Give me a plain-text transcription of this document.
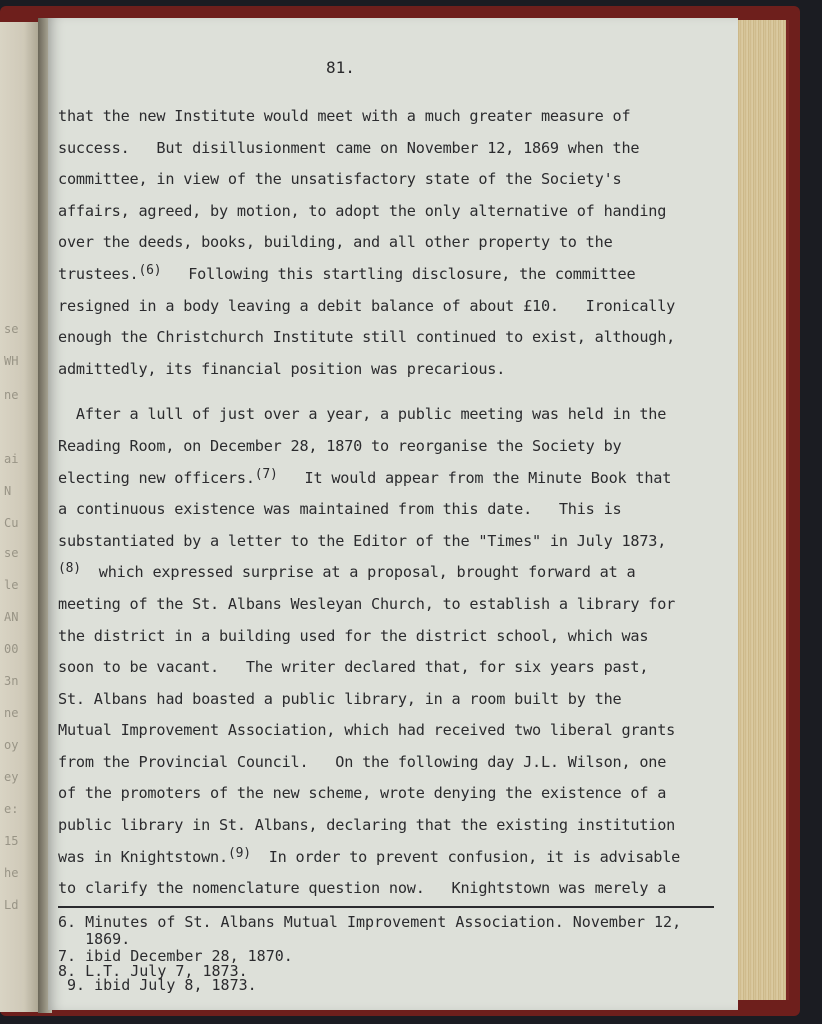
se
WH
ne
ai
N
Cu
se
le
AN
00
3n
ne
oy
ey
e:
15
he
Ld
81.
that the new Institute would meet with a much greater measure of
success.   But disillusionment came on November 12, 1869 when the
committee, in view of the unsatisfactory state of the Society's
affairs, agreed, by motion, to adopt the only alternative of handing
over the deeds, books, building, and all other property to the
trustees.$^{(6)}$ Following this startling disclosure, the committee
resigned in a body leaving a debit balance of about £10.   Ironically
enough the Christchurch Institute still continued to exist, although,
admittedly, its financial position was precarious.
After a lull of just over a year, a public meeting was held in the
Reading Room, on December 28, 1870 to reorganise the Society by
electing new officers.$^{(7)}$ It would appear from the Minute Book that
a continuous existence was maintained from this date.   This is
substantiated by a letter to the Editor of the "Times" in July 1873,
$^{(8)}$ which expressed surprise at a proposal, brought forward at a
meeting of the St. Albans Wesleyan Church, to establish a library for
the district in a building used for the district school, which was
soon to be vacant.   The writer declared that, for six years past,
St. Albans had boasted a public library, in a room built by the
Mutual Improvement Association, which had received two liberal grants
from the Provincial Council.   On the following day J.L. Wilson, one
of the promoters of the new scheme, wrote denying the existence of a
public library in St. Albans, declaring that the existing institution
was in Knightstown.$^{(9)}$ In order to prevent confusion, it is advisable
to clarify the nomenclature question now.   Knightstown was merely a
6. Minutes of St. Albans Mutual Improvement Association. November 12,
1869.
7. ibid December 28, 1870.
8. L.T. July 7, 1873.
9. ibid July 8, 1873.
